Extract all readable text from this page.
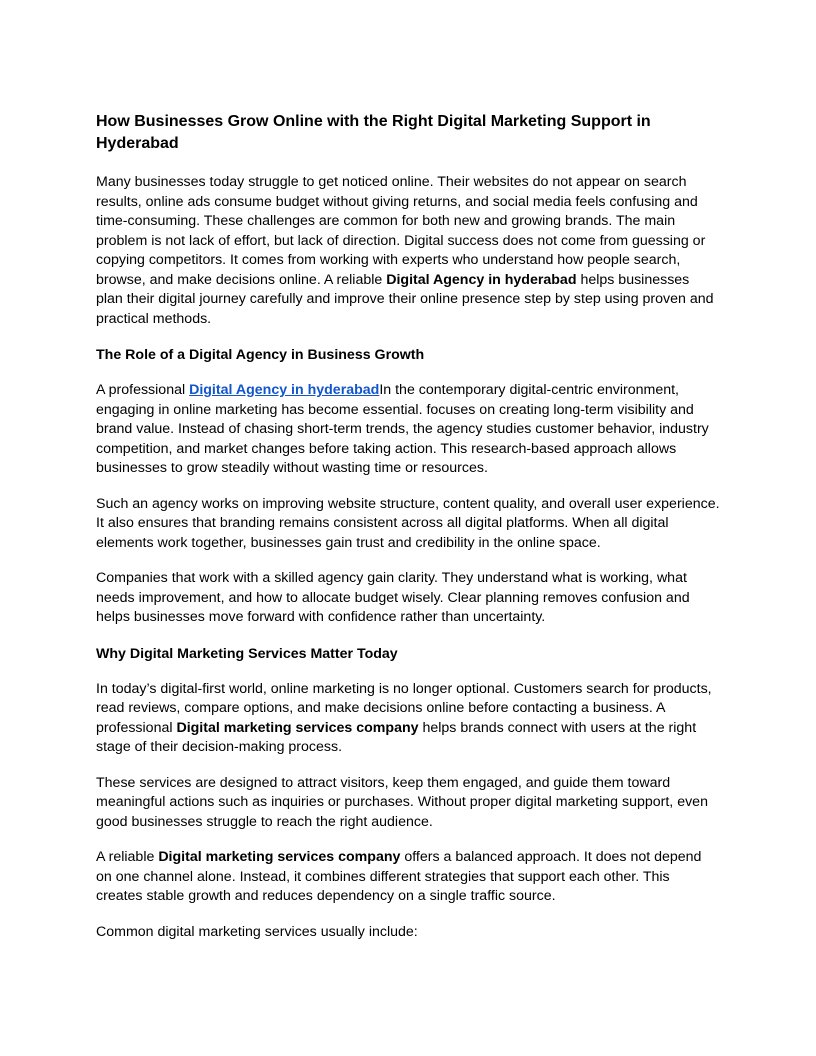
How Businesses Grow Online with the Right Digital Marketing Support in Hyderabad

Many businesses today struggle to get noticed online. Their websites do not appear on search results, online ads consume budget without giving returns, and social media feels confusing and time-consuming. These challenges are common for both new and growing brands. The main problem is not lack of effort, but lack of direction. Digital success does not come from guessing or copying competitors. It comes from working with experts who understand how people search, browse, and make decisions online. A reliable Digital Agency in hyderabad helps businesses plan their digital journey carefully and improve their online presence step by step using proven and practical methods.

The Role of a Digital Agency in Business Growth

A professional Digital Agency in hyderabadIn the contemporary digital-centric environment, engaging in online marketing has become essential. focuses on creating long-term visibility and brand value. Instead of chasing short-term trends, the agency studies customer behavior, industry competition, and market changes before taking action. This research-based approach allows businesses to grow steadily without wasting time or resources.

Such an agency works on improving website structure, content quality, and overall user experience. It also ensures that branding remains consistent across all digital platforms. When all digital elements work together, businesses gain trust and credibility in the online space.

Companies that work with a skilled agency gain clarity. They understand what is working, what needs improvement, and how to allocate budget wisely. Clear planning removes confusion and helps businesses move forward with confidence rather than uncertainty.

Why Digital Marketing Services Matter Today

In today’s digital-first world, online marketing is no longer optional. Customers search for products, read reviews, compare options, and make decisions online before contacting a business. A professional Digital marketing services company helps brands connect with users at the right stage of their decision-making process.

These services are designed to attract visitors, keep them engaged, and guide them toward meaningful actions such as inquiries or purchases. Without proper digital marketing support, even good businesses struggle to reach the right audience.

A reliable Digital marketing services company offers a balanced approach. It does not depend on one channel alone. Instead, it combines different strategies that support each other. This creates stable growth and reduces dependency on a single traffic source.

Common digital marketing services usually include:
